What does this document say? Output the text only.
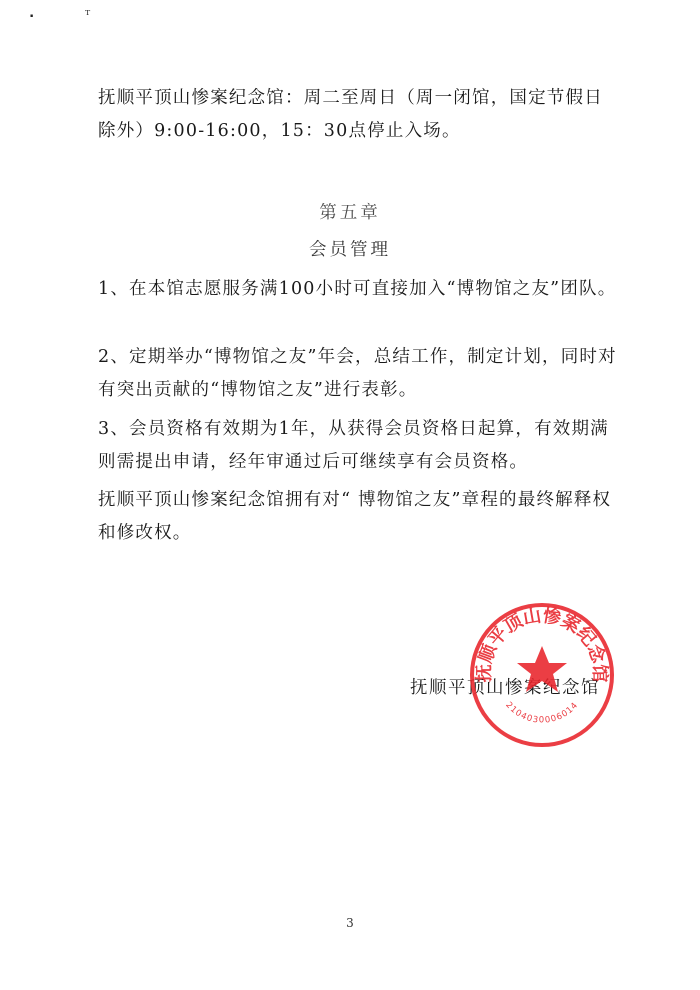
⬝ ᵀ

抚顺平顶山惨案纪念馆：周二至周日（周一闭馆，国定节假日除外）9:00-16:00，15：30点停止入场。

第五章
会员管理

1、在本馆志愿服务满100小时可直接加入“博物馆之友”团队。

2、定期举办“博物馆之友”年会，总结工作，制定计划，同时对有突出贡献的“博物馆之友”进行表彰。

3、会员资格有效期为1年，从获得会员资格日起算，有效期满则需提出申请，经年审通过后可继续享有会员资格。

抚顺平顶山惨案纪念馆拥有对“ 博物馆之友”章程的最终解释权和修改权。

抚顺平顶山惨案纪念馆
抚顺平顶山惨案纪念馆
2104030006014
3
